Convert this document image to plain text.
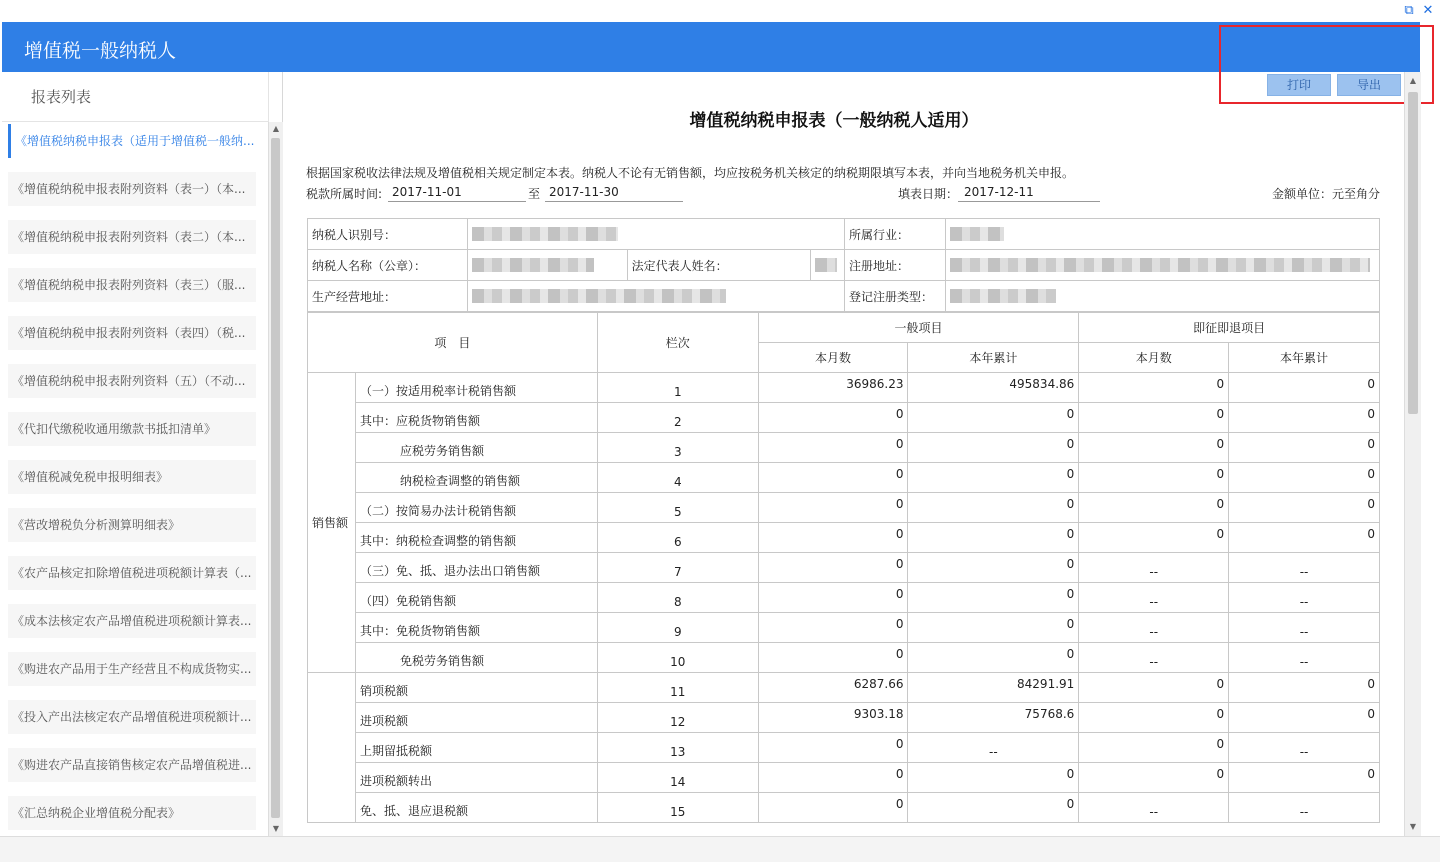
⧉ ✕
增值税一般纳税人
报表列表
《增值税纳税申报表（适用于增值税一般纳...
《增值税纳税申报表附列资料（表一）（本...
《增值税纳税申报表附列资料（表二）（本...
《增值税纳税申报表附列资料（表三）（服...
《增值税纳税申报表附列资料（表四）（税...
《增值税纳税申报表附列资料（五）（不动...
《代扣代缴税收通用缴款书抵扣清单》
《增值税减免税申报明细表》
《营改增税负分析测算明细表》
《农产品核定扣除增值税进项税额计算表（...
《成本法核定农产品增值税进项税额计算表...
《购进农产品用于生产经营且不构成货物实...
《投入产出法核定农产品增值税进项税额计...
《购进农产品直接销售核定农产品增值税进...
《汇总纳税企业增值税分配表》
▲
▼
增值税纳税申报表（一般纳税人适用）
根据国家税收法律法规及增值税相关规定制定本表。纳税人不论有无销售额，均应按税务机关核定的纳税期限填写本表，并向当地税务机关申报。
税款所属时间: 2017-11-01	至 2017-11-30	填表日期： 2017-12-11	金额单位：元至角分
纳税人识别号：				所属行业：	
纳税人名称（公章）：		法定代表人姓名：		注册地址：	
生产经营地址：				登记注册类型：	
项　目		栏次	一般项目		即征即退项目	
			本月数	本年累计	本月数	本年累计
销售额	（一）按适用税率计税销售额	1	36986.23	495834.86	0	0
	其中：应税货物销售额	2	0	0	0	0
	应税劳务销售额	3	0	0	0	0
	纳税检查调整的销售额	4	0	0	0	0
	（二）按简易办法计税销售额	5	0	0	0	0
	其中：纳税检查调整的销售额	6	0	0	0	0
	（三）免、抵、退办法出口销售额	7	0	0	--	--
	（四）免税销售额	8	0	0	--	--
	其中：免税货物销售额	9	0	0	--	--
	免税劳务销售额	10	0	0	--	--
	销项税额	11	6287.66	84291.91	0	0
	进项税额	12	9303.18	75768.6	0	0
	上期留抵税额	13	0	--	0	--
	进项税额转出	14	0	0	0	0
	免、抵、退应退税额	15	0	0	--	--
打印	导出	▲
▼
